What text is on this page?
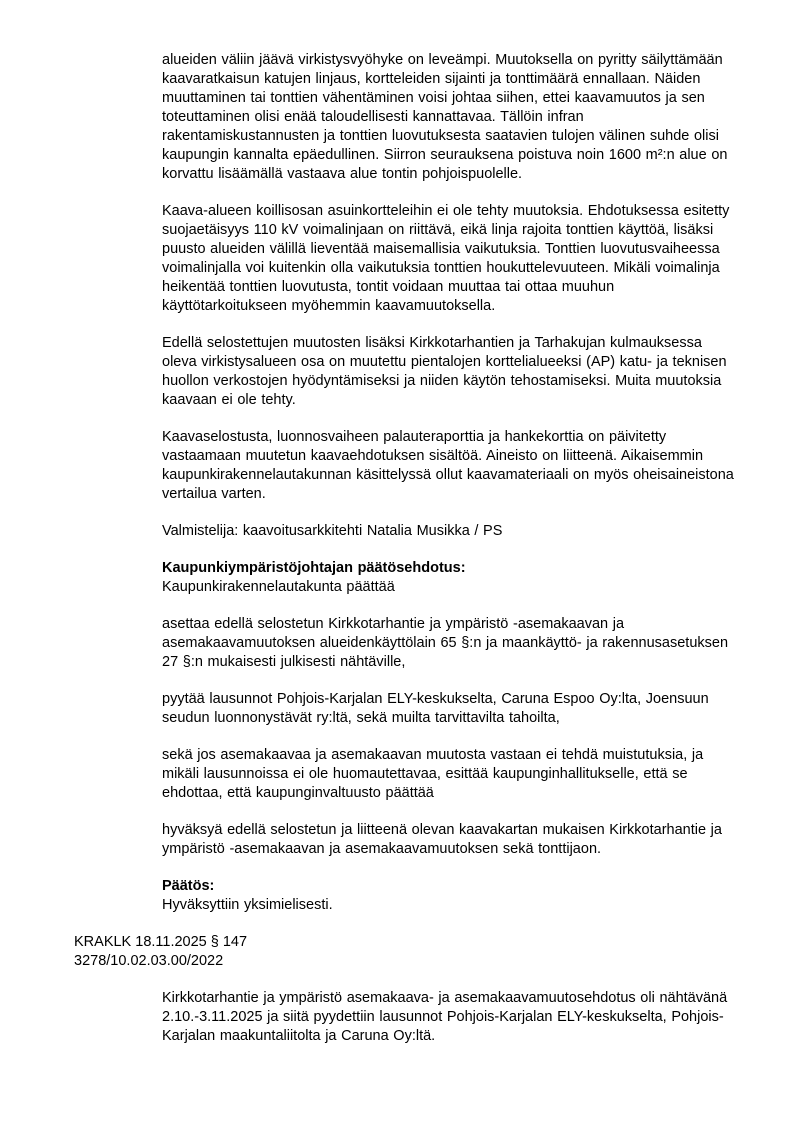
alueiden väliin jäävä virkistysvyöhyke on leveämpi. Muutoksella on pyritty säilyttämään kaavaratkaisun katujen linjaus, kortteleiden sijainti ja tonttimäärä ennallaan. Näiden muuttaminen tai tonttien vähentäminen voisi johtaa siihen, ettei kaavamuutos ja sen toteuttaminen olisi enää taloudellisesti kannattavaa. Tällöin infran rakentamiskustannusten ja tonttien luovutuksesta saatavien tulojen välinen suhde olisi kaupungin kannalta epäedullinen. Siirron seurauksena poistuva noin 1600 m²:n alue on korvattu lisäämällä vastaava alue tontin pohjoispuolelle.

Kaava-alueen koillisosan asuinkortteleihin ei ole tehty muutoksia. Ehdotuksessa esitetty suojaetäisyys 110 kV voimalinjaan on riittävä, eikä linja rajoita tonttien käyttöä, lisäksi puusto alueiden välillä lieventää maisemallisia vaikutuksia. Tonttien luovutusvaiheessa voimalinjalla voi kuitenkin olla vaikutuksia tonttien houkuttelevuuteen. Mikäli voimalinja heikentää tonttien luovutusta, tontit voidaan muuttaa tai ottaa muuhun käyttötarkoitukseen myöhemmin kaavamuutoksella.

Edellä selostettujen muutosten lisäksi Kirkkotarhantien ja Tarhakujan kulmauksessa oleva virkistysalueen osa on muutettu pientalojen korttelialueeksi (AP) katu- ja teknisen huollon verkostojen hyödyntämiseksi ja niiden käytön tehostamiseksi. Muita muutoksia kaavaan ei ole tehty.

Kaavaselostusta, luonnosvaiheen palauteraporttia ja hankekorttia on päivitetty vastaamaan muutetun kaavaehdotuksen sisältöä. Aineisto on liitteenä. Aikaisemmin kaupunkirakennelautakunnan käsittelyssä ollut kaavamateriaali on myös oheisaineistona vertailua varten.

Valmistelija: kaavoitusarkkitehti Natalia Musikka / PS

Kaupunkiympäristöjohtajan päätösehdotus:
Kaupunkirakennelautakunta päättää

asettaa edellä selostetun Kirkkotarhantie ja ympäristö -asemakaavan ja asemakaavamuutoksen alueidenkäyttölain 65 §:n ja maankäyttö- ja rakennusasetuksen 27 §:n mukaisesti julkisesti nähtäville,

pyytää lausunnot Pohjois-Karjalan ELY-keskukselta, Caruna Espoo Oy:lta, Joensuun seudun luonnonystävät ry:ltä, sekä muilta tarvittavilta tahoilta,

sekä jos asemakaavaa ja asemakaavan muutosta vastaan ei tehdä muistutuksia, ja mikäli lausunnoissa ei ole huomautettavaa, esittää kaupunginhallitukselle, että se ehdottaa, että kaupunginvaltuusto päättää

hyväksyä edellä selostetun ja liitteenä olevan kaavakartan mukaisen Kirkkotarhantie ja ympäristö -asemakaavan ja asemakaavamuutoksen sekä tonttijaon.

Päätös:
Hyväksyttiin yksimielisesti.
KRAKLK 18.11.2025 § 147
3278/10.02.03.00/2022

Kirkkotarhantie ja ympäristö asemakaava- ja asemakaavamuutosehdotus oli nähtävänä 2.10.-3.11.2025 ja siitä pyydettiin lausunnot Pohjois-Karjalan ELY-keskukselta, Pohjois-Karjalan maakuntaliitolta ja Caruna Oy:ltä.
